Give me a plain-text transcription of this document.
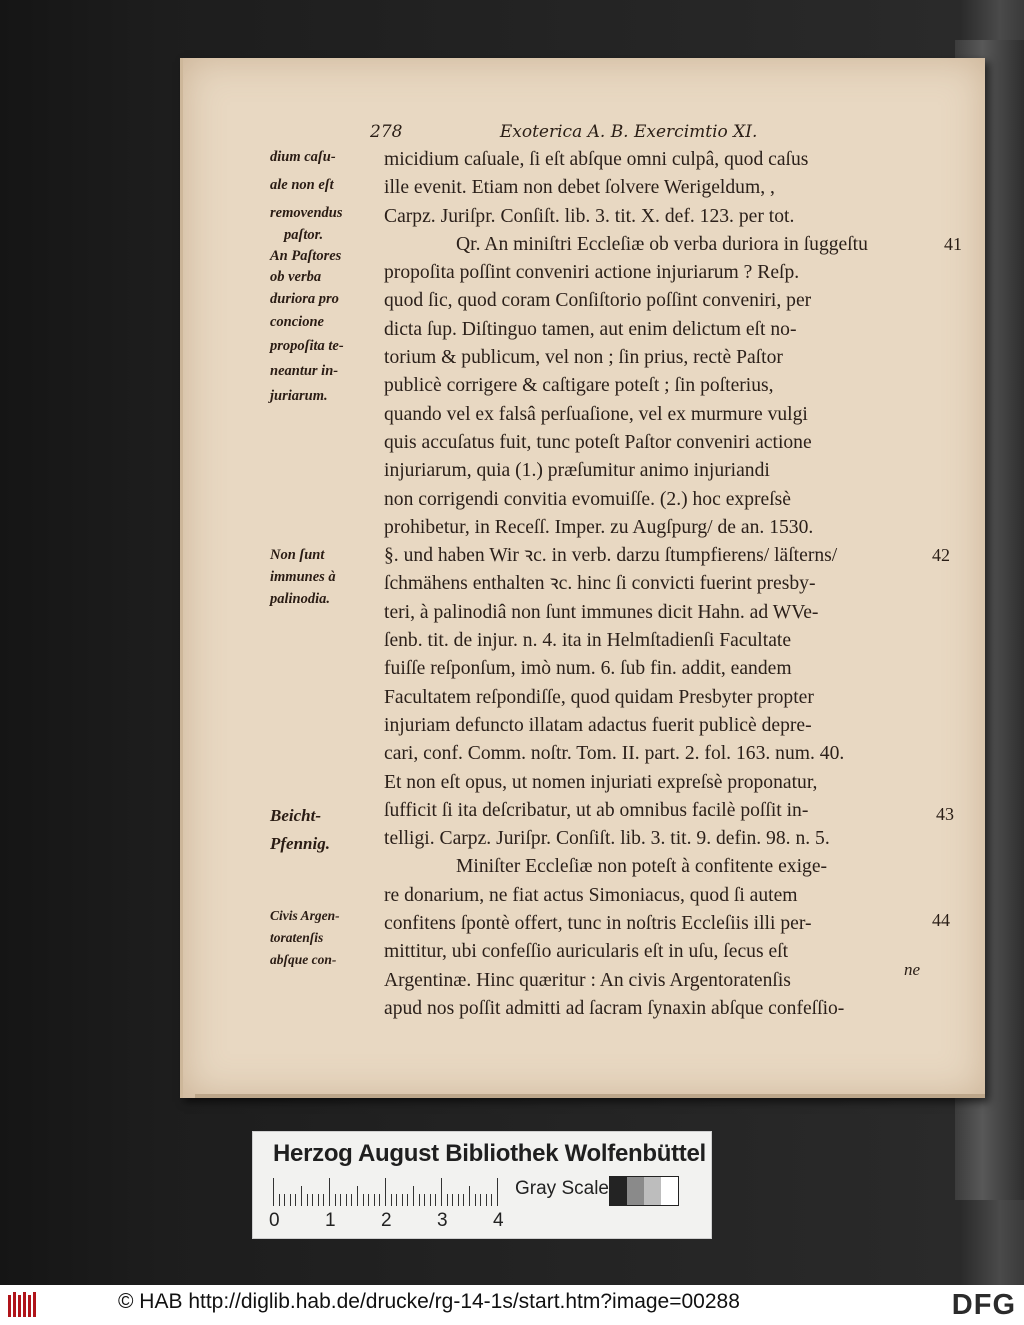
278	Exoterica A. B. Exercimtio XI.
dium caſu-
ale non eſt
removendus
paſtor.
An Paſtores
ob verba
duriora pro
concione
propoſita te-
neantur in-
juriarum.
Non ſunt
immunes à
palinodia.
Beicht-
Pfennig.
Civis Argen-
toratenſis
abſque con-
micidium caſuale, ſi eſt abſque omni culpâ, quod caſus
ille evenit. Etiam non debet ſolvere Werigeldum, ,
Carpz. Juriſpr. Conſiſt. lib. 3. tit. X. def. 123. per tot.
Qr. An miniſtri Eccleſiæ ob verba duriora in ſuggeſtu
propoſita poſſint conveniri actione injuriarum ? Reſp.
quod ſic, quod coram Conſiſtorio poſſint conveniri, per
dicta ſup. Diſtinguo tamen, aut enim delictum eſt no-
torium & publicum, vel non ; ſin prius, rectè Paſtor
publicè corrigere & caſtigare poteſt ; ſin poſterius,
quando vel ex falsâ perſuaſione, vel ex murmure vulgi
quis accuſatus fuit, tunc poteſt Paſtor conveniri actione
injuriarum, quia (1.) præſumitur animo injuriandi
non corrigendi convitia evomuiſſe. (2.) hoc expreſsè
prohibetur, in Receſſ. Imper. zu Augſpurg/ de an. 1530.
§. und haben Wir ꝛc. in verb. darzu ſtumpfierens/ läſterns/
ſchmähens enthalten ꝛc. hinc ſi convicti fuerint presby-
teri, à palinodiâ non ſunt immunes dicit Hahn. ad WVe-
ſenb. tit. de injur. n. 4. ita in Helmſtadienſi Facultate
fuiſſe reſponſum, imò num. 6. ſub fin. addit, eandem
Facultatem reſpondiſſe, quod quidam Presbyter propter
injuriam defuncto illatam adactus fuerit publicè depre-
cari, conf. Comm. noſtr. Tom. II. part. 2. fol. 163. num. 40.
Et non eſt opus, ut nomen injuriati expreſsè proponatur,
ſufficit ſi ita deſcribatur, ut ab omnibus facilè poſſit in-
telligi. Carpz. Juriſpr. Conſiſt. lib. 3. tit. 9. defin. 98. n. 5.
Miniſter Eccleſiæ non poteſt à confitente exige-
re donarium, ne fiat actus Simoniacus, quod ſi autem
confitens ſpontè offert, tunc in noſtris Eccleſiis illi per-
mittitur, ubi confeſſio auricularis eſt in uſu, ſecus eſt
Argentinæ. Hinc quæritur : An civis Argentoratenſis
apud nos poſſit admitti ad ſacram ſynaxin abſque confeſſio-
41
42
43
44
ne
Herzog August Bibliothek Wolfenbüttel
0 1 2 3 4
Gray Scale
© HAB http://diglib.hab.de/drucke/rg-14-1s/start.htm?image=00288	DFG
